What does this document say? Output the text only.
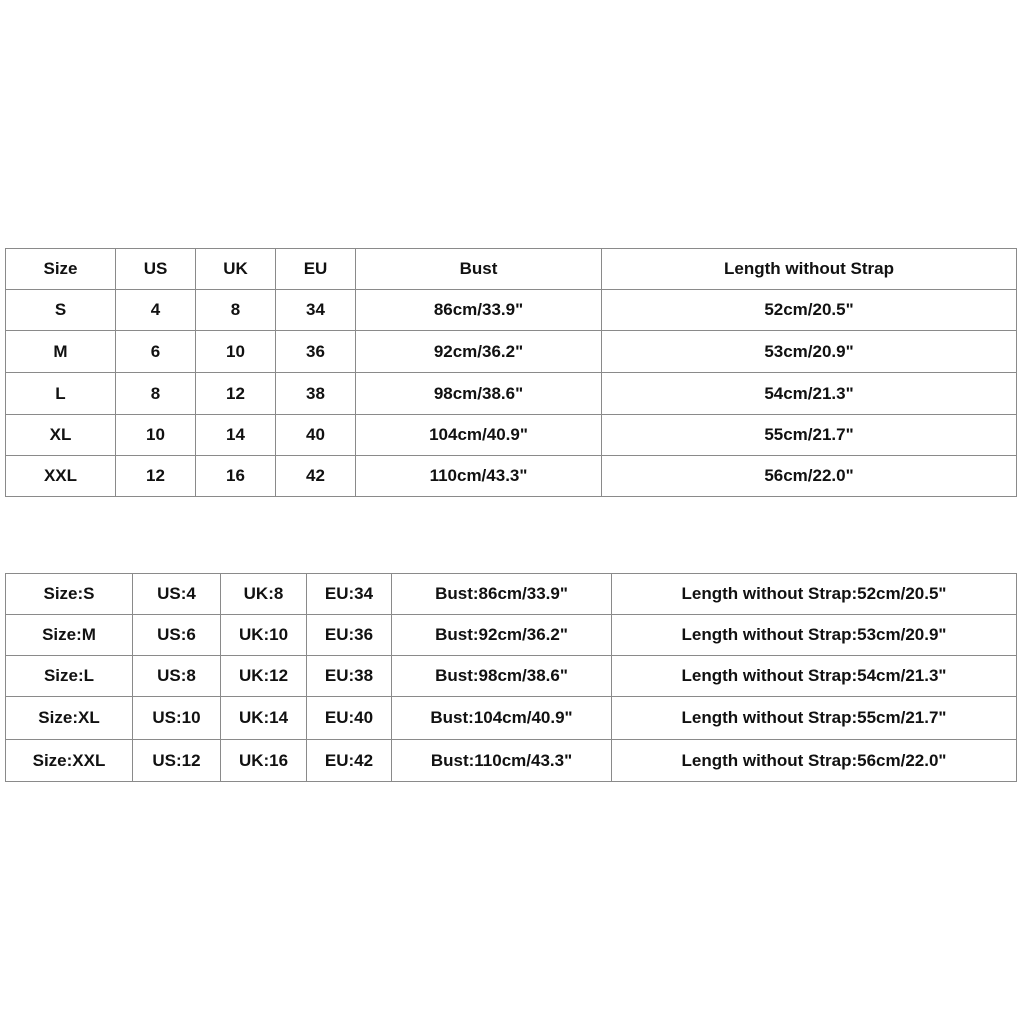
Size	US	UK	EU	Bust	Length without Strap
S	4	8	34	86cm/33.9"	52cm/20.5"
M	6	10	36	92cm/36.2"	53cm/20.9"
L	8	12	38	98cm/38.6"	54cm/21.3"
XL	10	14	40	104cm/40.9"	55cm/21.7"
XXL	12	16	42	110cm/43.3"	56cm/22.0"
Size:S	US:4	UK:8	EU:34	Bust:86cm/33.9"	Length without Strap:52cm/20.5"
Size:M	US:6	UK:10	EU:36	Bust:92cm/36.2"	Length without Strap:53cm/20.9"
Size:L	US:8	UK:12	EU:38	Bust:98cm/38.6"	Length without Strap:54cm/21.3"
Size:XL	US:10	UK:14	EU:40	Bust:104cm/40.9"	Length without Strap:55cm/21.7"
Size:XXL	US:12	UK:16	EU:42	Bust:110cm/43.3"	Length without Strap:56cm/22.0"
